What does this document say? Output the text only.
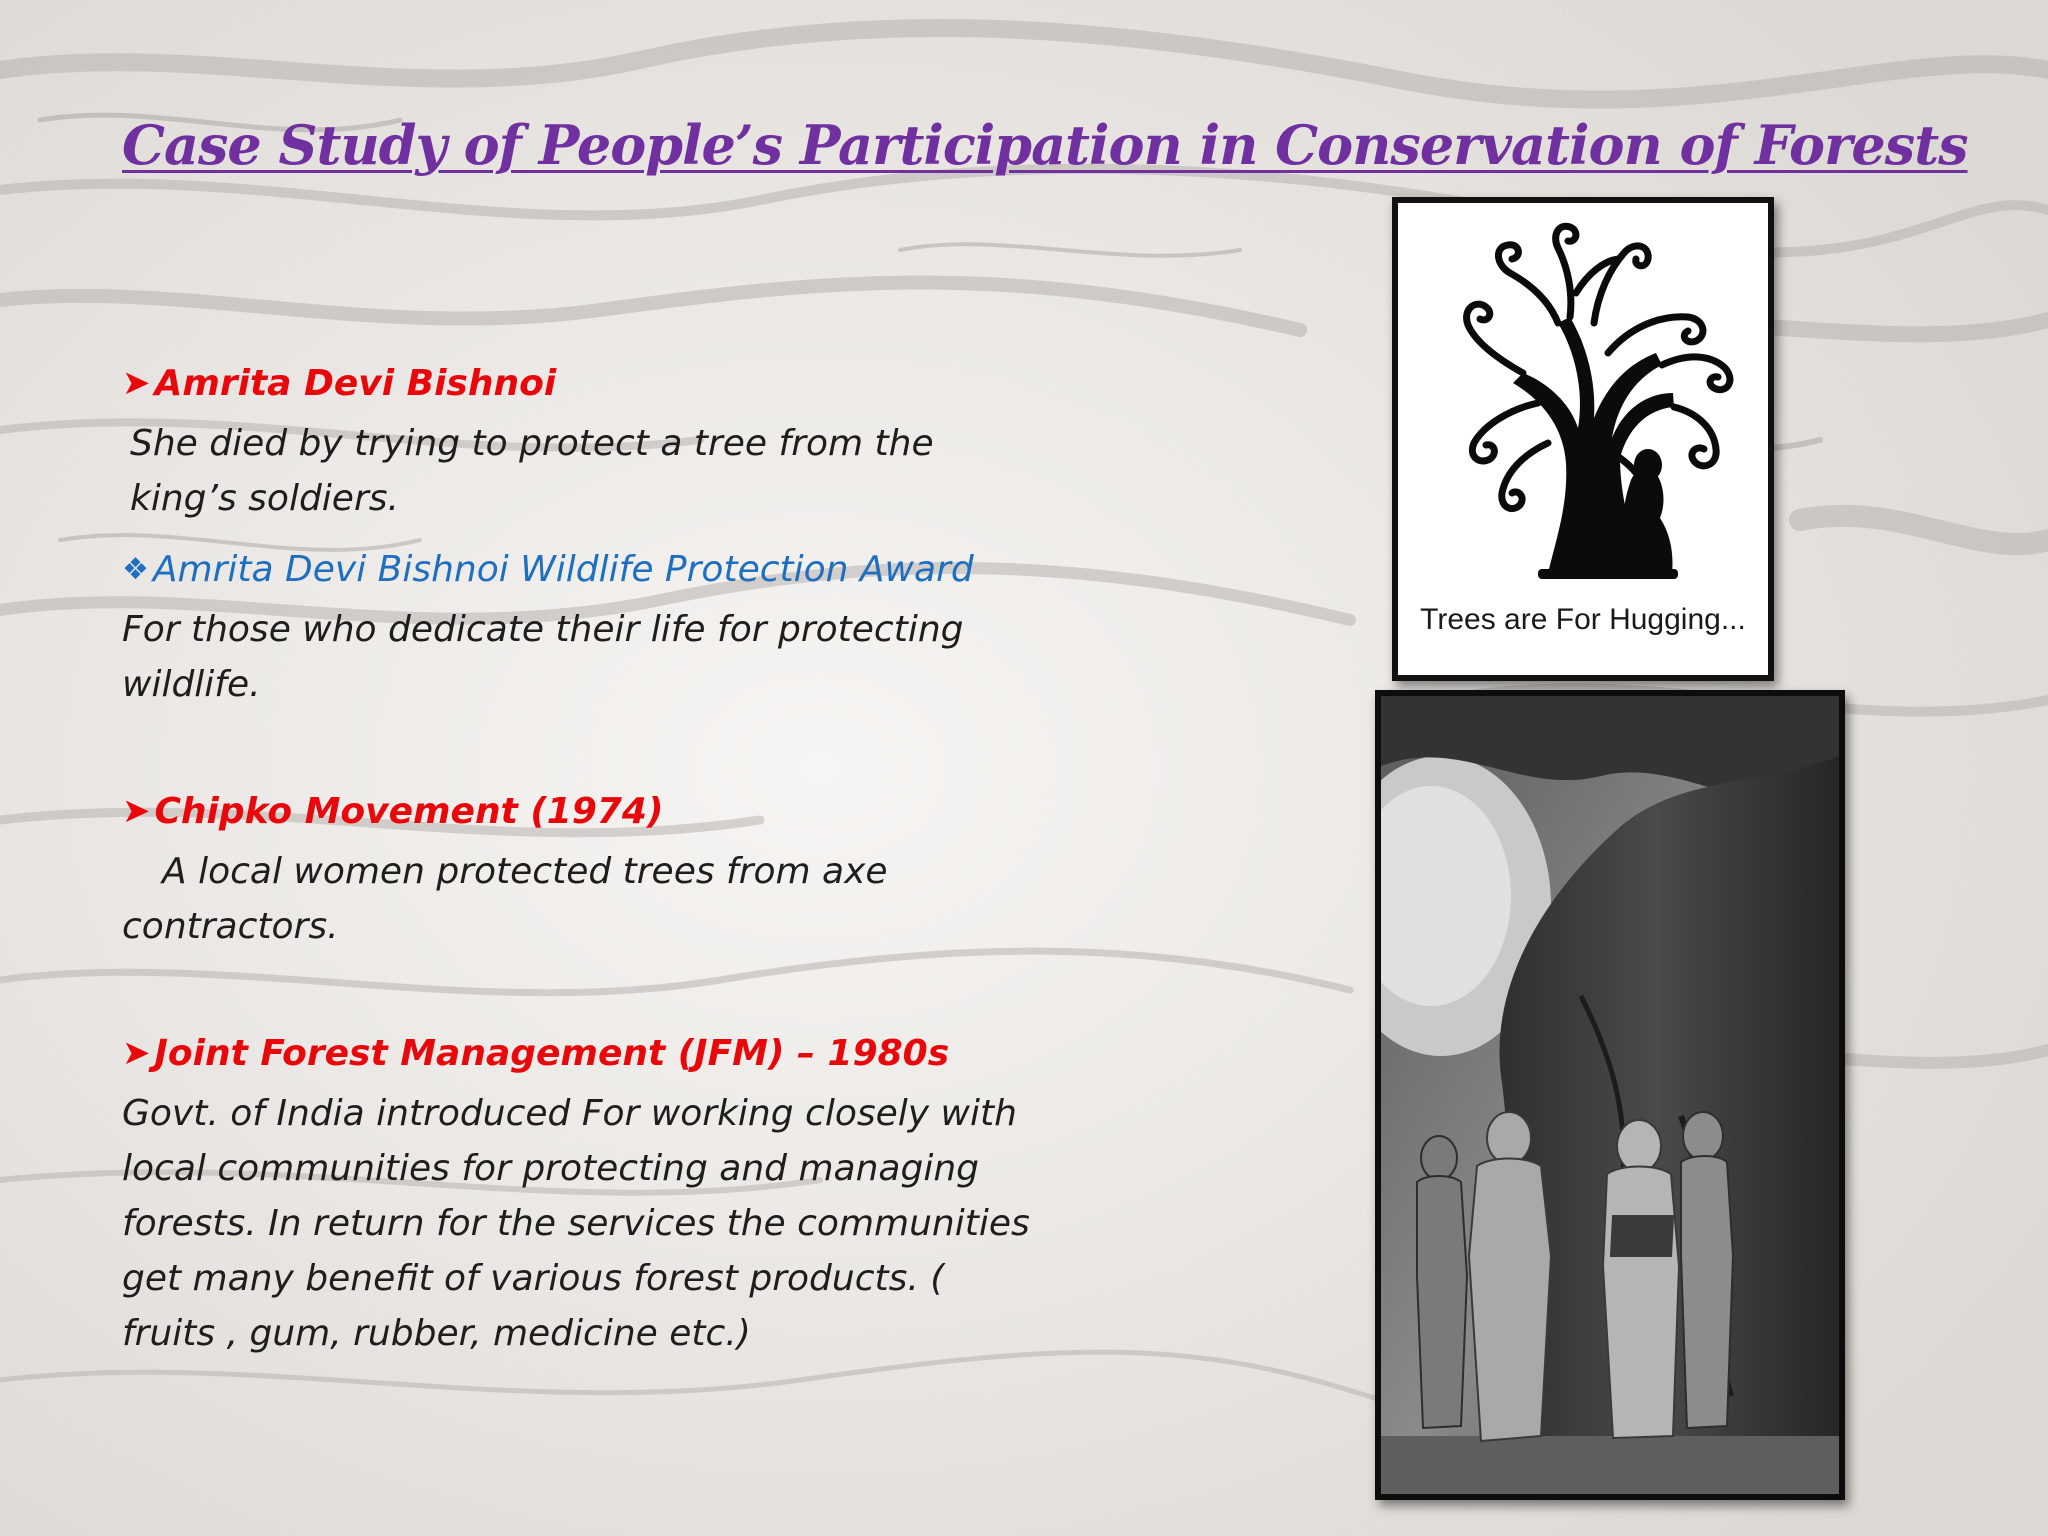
Case Study of People’s Participation in Conservation of Forests
➤ Amrita Devi Bishnoi

She died by trying to protect a tree from the king’s soldiers.

❖ Amrita Devi Bishnoi Wildlife Protection Award

For those who dedicate their life for protecting wildlife.

➤ Chipko Movement (1974)

A local women protected trees from axe contractors.

➤ Joint Forest Management (JFM) – 1980s

Govt. of India introduced For working closely with local communities for protecting and managing forests. In return for the services the communities get many benefit of various forest products. ( fruits , gum, rubber, medicine etc.)

Trees are For Hugging...
